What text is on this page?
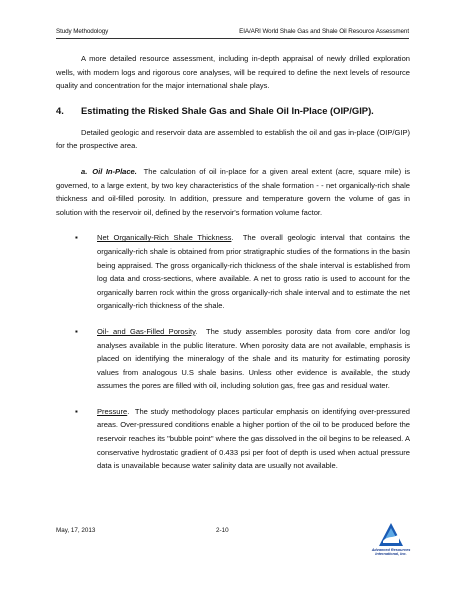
Study Methodology	EIA/ARI World Shale Gas and Shale Oil Resource Assessment

A more detailed resource assessment, including in-depth appraisal of newly drilled exploration wells, with modern logs and rigorous core analyses, will be required to define the next levels of resource quality and concentration for the major international shale plays.

4.	Estimating the Risked Shale Gas and Shale Oil In-Place (OIP/GIP).

Detailed geologic and reservoir data are assembled to establish the oil and gas in-place (OIP/GIP) for the prospective area.

a. Oil In-Place. The calculation of oil in-place for a given areal extent (acre, square mile) is governed, to a large extent, by two key characteristics of the shale formation - - net organically-rich shale thickness and oil-filled porosity. In addition, pressure and temperature govern the volume of gas in solution with the reservoir oil, defined by the reservoir's formation volume factor.

▪	Net Organically-Rich Shale Thickness.  The overall geologic interval that contains the organically-rich shale is obtained from prior stratigraphic studies of the formations in the basin being appraised. The gross organically-rich thickness of the shale interval is established from log data and cross-sections, where available. A net to gross ratio is used to account for the organically barren rock within the gross organically-rich shale interval and to estimate the net organically-rich thickness of the shale.
▪	Oil- and Gas-Filled Porosity.  The study assembles porosity data from core and/or log analyses available in the public literature. When porosity data are not available, emphasis is placed on identifying the mineralogy of the shale and its maturity for estimating porosity values from analogous U.S shale basins. Unless other evidence is available, the study assumes the pores are filled with oil, including solution gas, free gas and residual water.
▪	Pressure.  The study methodology places particular emphasis on identifying over-pressured areas. Over-pressured conditions enable a higher portion of the oil to be produced before the reservoir reaches its "bubble point" where the gas dissolved in the oil begins to be released. A conservative hydrostatic gradient of 0.433 psi per foot of depth is used when actual pressure data is unavailable because water salinity data are usually not available.
May, 17, 2013	2-10
Advanced Resources
International, Inc.
